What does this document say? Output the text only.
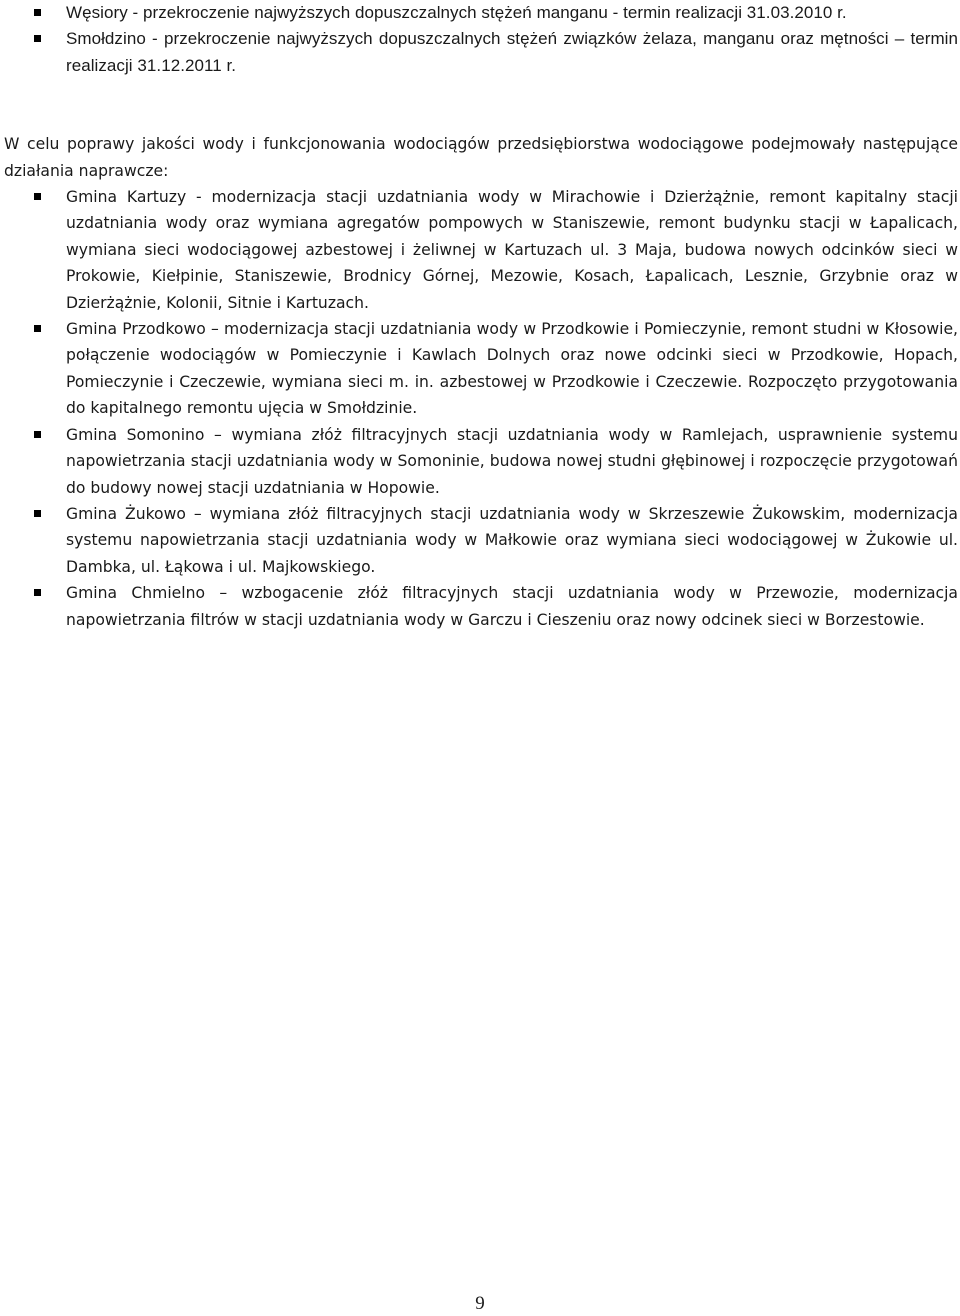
Węsiory - przekroczenie najwyższych dopuszczalnych stężeń manganu - termin realizacji 31.03.2010 r.
Smołdzino - przekroczenie najwyższych dopuszczalnych stężeń związków żelaza, manganu oraz mętności – termin realizacji 31.12.2011 r.

W celu poprawy jakości wody i funkcjonowania wodociągów przedsiębiorstwa wodociągowe podejmowały następujące działania naprawcze:

Gmina Kartuzy - modernizacja stacji uzdatniania wody w Mirachowie i Dzierżążnie, remont kapitalny stacji uzdatniania wody oraz wymiana agregatów pompowych w Staniszewie, remont budynku stacji w Łapalicach, wymiana sieci wodociągowej azbestowej i żeliwnej w Kartuzach ul. 3 Maja, budowa nowych odcinków sieci w Prokowie, Kiełpinie, Staniszewie, Brodnicy Górnej, Mezowie, Kosach, Łapalicach, Lesznie, Grzybnie oraz w Dzierżążnie, Kolonii, Sitnie i Kartuzach.
Gmina Przodkowo – modernizacja stacji uzdatniania wody w Przodkowie i Pomieczynie, remont studni w Kłosowie, połączenie wodociągów w Pomieczynie i Kawlach Dolnych oraz nowe odcinki sieci w Przodkowie, Hopach, Pomieczynie i Czeczewie, wymiana sieci m. in. azbestowej w Przodkowie i Czeczewie. Rozpoczęto przygotowania do kapitalnego remontu ujęcia w Smołdzinie.
Gmina Somonino – wymiana złóż filtracyjnych stacji uzdatniania wody w Ramlejach, usprawnienie systemu napowietrzania stacji uzdatniania wody w Somoninie, budowa nowej studni głębinowej i rozpoczęcie przygotowań do budowy nowej stacji uzdatniania w Hopowie.
Gmina Żukowo – wymiana złóż filtracyjnych stacji uzdatniania wody w Skrzeszewie Żukowskim, modernizacja systemu napowietrzania stacji uzdatniania wody w Małkowie oraz wymiana sieci wodociągowej w Żukowie ul. Dambka, ul. Łąkowa i ul. Majkowskiego.
Gmina Chmielno – wzbogacenie złóż filtracyjnych stacji uzdatniania wody w Przewozie, modernizacja napowietrzania filtrów w stacji uzdatniania wody w Garczu i Cieszeniu oraz nowy odcinek sieci w Borzestowie.
9
